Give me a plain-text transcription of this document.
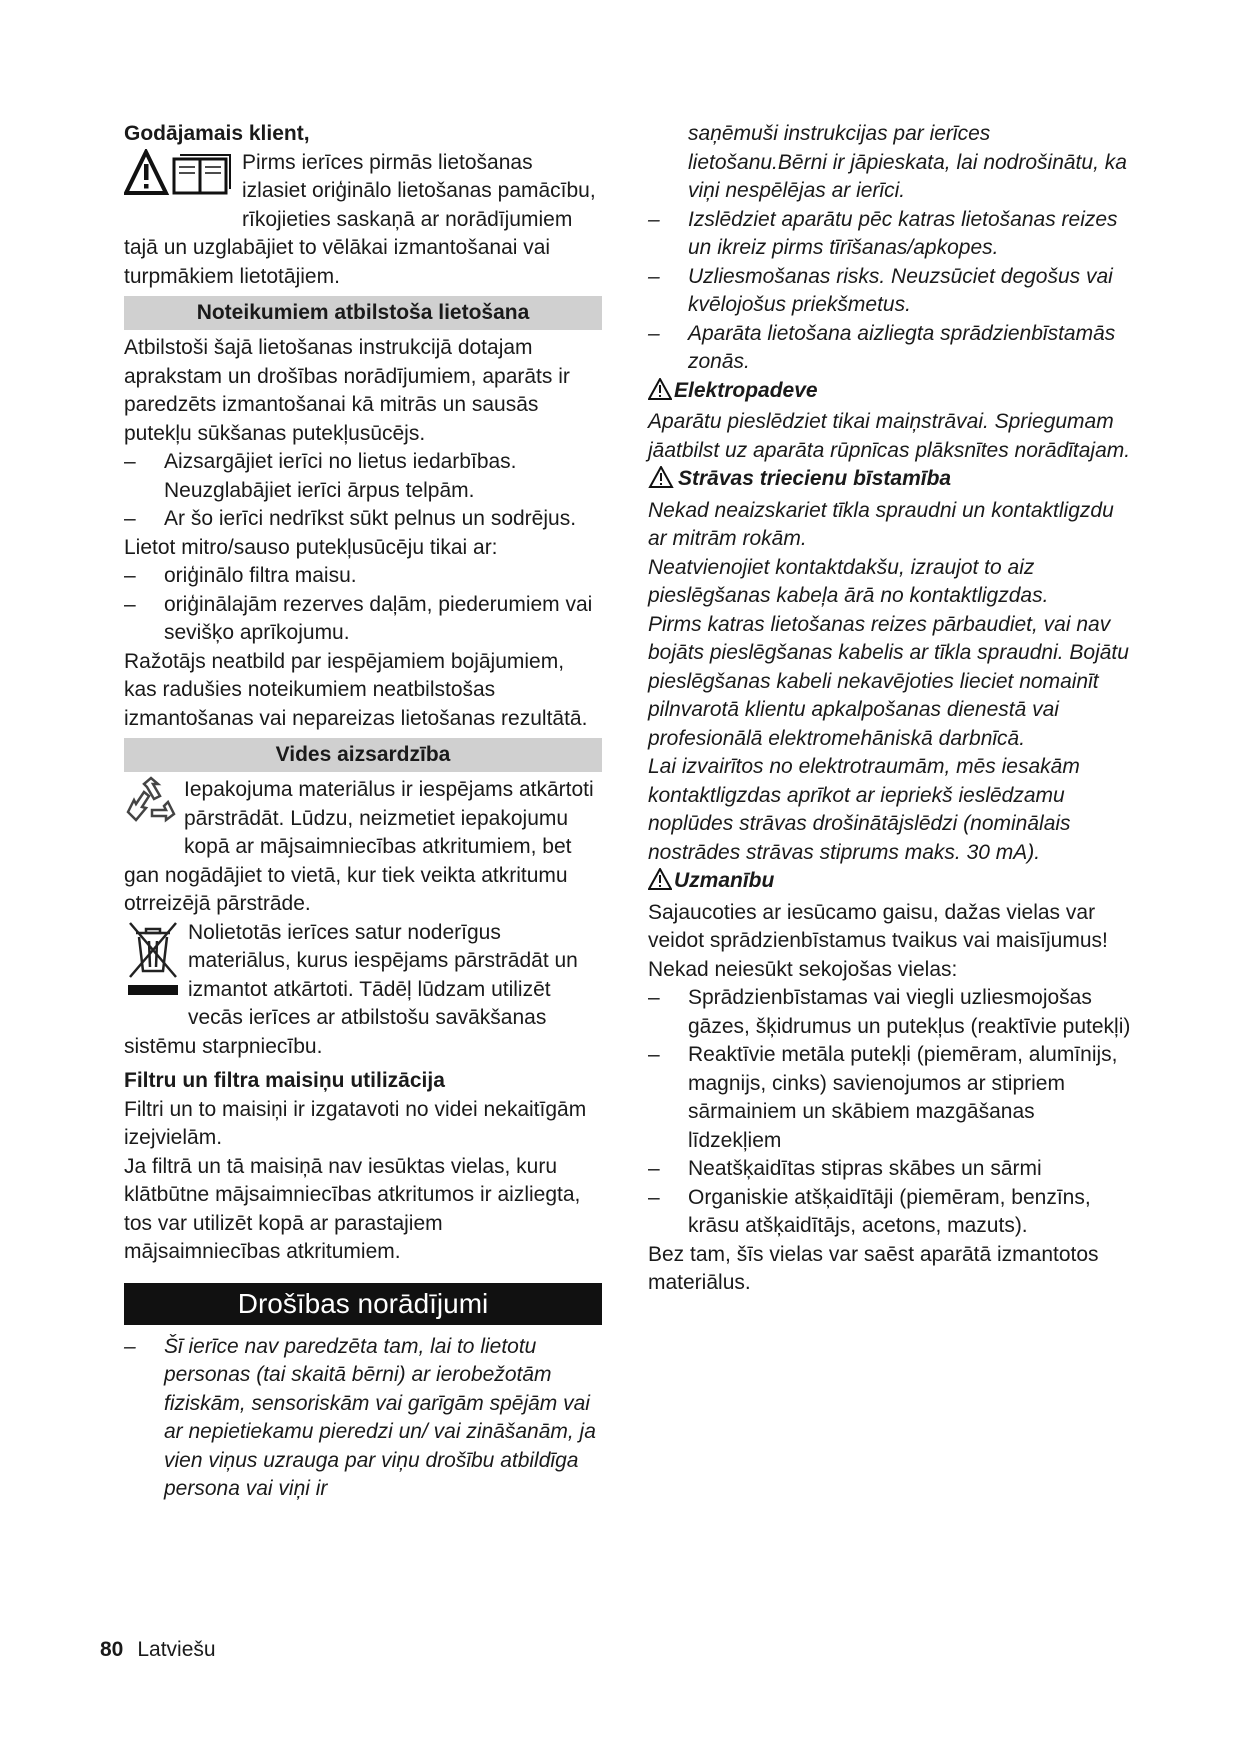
Godājamais klient,

Pirms ierīces pirmās lietošanas izlasiet oriģinālo lietošanas pamācību, rīkojieties saskaņā ar norādījumiem tajā un uzglabājiet to vēlākai izmantošanai vai turpmākiem lietotājiem.

Noteikumiem atbilstoša lietošana

Atbilstoši šajā lietošanas instrukcijā dotajam aprakstam un drošības norādījumiem, aparāts ir paredzēts izmantošanai kā mitrās un sausās putekļu sūkšanas putekļusūcējs.

–	Aizsargājiet ierīci no lietus iedarbības. Neuzglabājiet ierīci ārpus telpām.
–	Ar šo ierīci nedrīkst sūkt pelnus un sodrējus.

Lietot mitro/sauso putekļusūcēju tikai ar:

–	oriģinālo filtra maisu.
–	oriģinālajām rezerves daļām, piederumiem vai sevišķo aprīkojumu.

Ražotājs neatbild par iespējamiem bojājumiem, kas radušies noteikumiem neatbilstošas izmantošanas vai nepareizas lietošanas rezultātā.

Vides aizsardzība

Iepakojuma materiālus ir iespējams atkārtoti pārstrādāt. Lūdzu, neizmetiet iepakojumu kopā ar mājsaimniecības atkritumiem, bet gan nogādājiet to vietā, kur tiek veikta atkritumu otrreizējā pārstrāde.

Nolietotās ierīces satur noderīgus materiālus, kurus iespējams pārstrādāt un izmantot atkārtoti. Tādēļ lūdzam utilizēt vecās ierīces ar atbilstošu savākšanas sistēmu starpniecību.

Filtru un filtra maisiņu utilizācija

Filtri un to maisiņi ir izgatavoti no videi nekaitīgām izejvielām.

Ja filtrā un tā maisiņā nav iesūktas vielas, kuru klātbūtne mājsaimniecības atkritumos ir aizliegta, tos var utilizēt kopā ar parastajiem mājsaimniecības atkritumiem.

Drošības norādījumi
–	Šī ierīce nav paredzēta tam, lai to lietotu personas (tai skaitā bērni) ar ierobežotām fiziskām, sensoriskām vai garīgām spējām vai ar nepietiekamu pieredzi un/ vai zināšanām, ja vien viņus uzrauga par viņu drošību atbildīga persona vai viņi ir
saņēmuši instrukcijas par ierīces lietošanu.Bērni ir jāpieskata, lai nodrošinātu, ka viņi nespēlējas ar ierīci.
–	Izslēdziet aparātu pēc katras lietošanas reizes un ikreiz pirms tīrīšanas/apkopes.
–	Uzliesmošanas risks. Neuzsūciet degošus vai kvēlojošus priekšmetus.
–	Aparāta lietošana aizliegta sprādzienbīstamās zonās.

Elektropadeve

Aparātu pieslēdziet tikai maiņstrāvai. Spriegumam jāatbilst uz aparāta rūpnīcas plāksnītes norādītajam.

Strāvas triecienu bīstamība

Nekad neaizskariet tīkla spraudni un kontaktligzdu ar mitrām rokām.

Neatvienojiet kontaktdakšu, izraujot to aiz pieslēgšanas kabeļa ārā no kontaktligzdas.

Pirms katras lietošanas reizes pārbaudiet, vai nav bojāts pieslēgšanas kabelis ar tīkla spraudni. Bojātu pieslēgšanas kabeli nekavējoties lieciet nomainīt pilnvarotā klientu apkalpošanas dienestā vai profesionālā elektromehāniskā darbnīcā.

Lai izvairītos no elektrotraumām, mēs iesakām kontaktligzdas aprīkot ar iepriekš ieslēdzamu noplūdes strāvas drošinātājslēdzi (nominālais nostrādes strāvas stiprums maks. 30 mA).

Uzmanību

Sajaucoties ar iesūcamo gaisu, dažas vielas var veidot sprādzienbīstamus tvaikus vai maisījumus!

Nekad neiesūkt sekojošas vielas:

–	Sprādzienbīstamas vai viegli uzliesmojošas gāzes, šķidrumus un putekļus (reaktīvie putekļi)
–	Reaktīvie metāla putekļi (piemēram, alumīnijs, magnijs, cinks) savienojumos ar stipriem sārmainiem un skābiem mazgāšanas līdzekļiem
–	Neatšķaidītas stipras skābes un sārmi
–	Organiskie atšķaidītāji (piemēram, benzīns, krāsu atšķaidītājs, acetons, mazuts).

Bez tam, šīs vielas var saēst aparātā izmantotos materiālus.

80 Latviešu
